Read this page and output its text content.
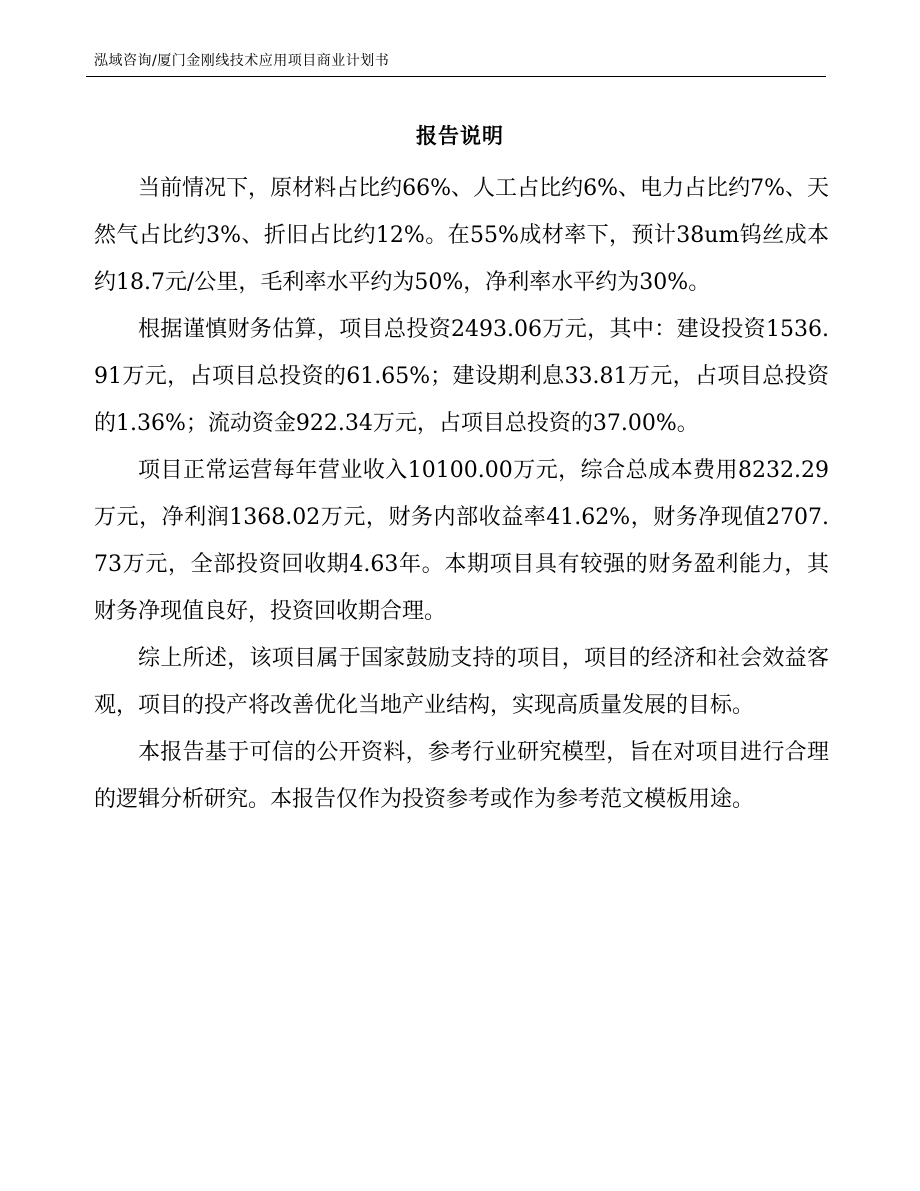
泓域咨询/厦门金刚线技术应用项目商业计划书
报告说明

当前情况下，原材料占比约66%、人工占比约6%、电力占比约7%、天然气占比约3%、折旧占比约12%。在55%成材率下，预计38um钨丝成本约18.7元/公里，毛利率水平约为50%，净利率水平约为30%。

根据谨慎财务估算，项目总投资2493.06万元，其中：建设投资1536.91万元，占项目总投资的61.65%；建设期利息33.81万元，占项目总投资的1.36%；流动资金922.34万元，占项目总投资的37.00%。

项目正常运营每年营业收入10100.00万元，综合总成本费用8232.29万元，净利润1368.02万元，财务内部收益率41.62%，财务净现值2707.73万元，全部投资回收期4.63年。本期项目具有较强的财务盈利能力，其财务净现值良好，投资回收期合理。

综上所述，该项目属于国家鼓励支持的项目，项目的经济和社会效益客观，项目的投产将改善优化当地产业结构，实现高质量发展的目标。

本报告基于可信的公开资料，参考行业研究模型，旨在对项目进行合理的逻辑分析研究。本报告仅作为投资参考或作为参考范文模板用途。
